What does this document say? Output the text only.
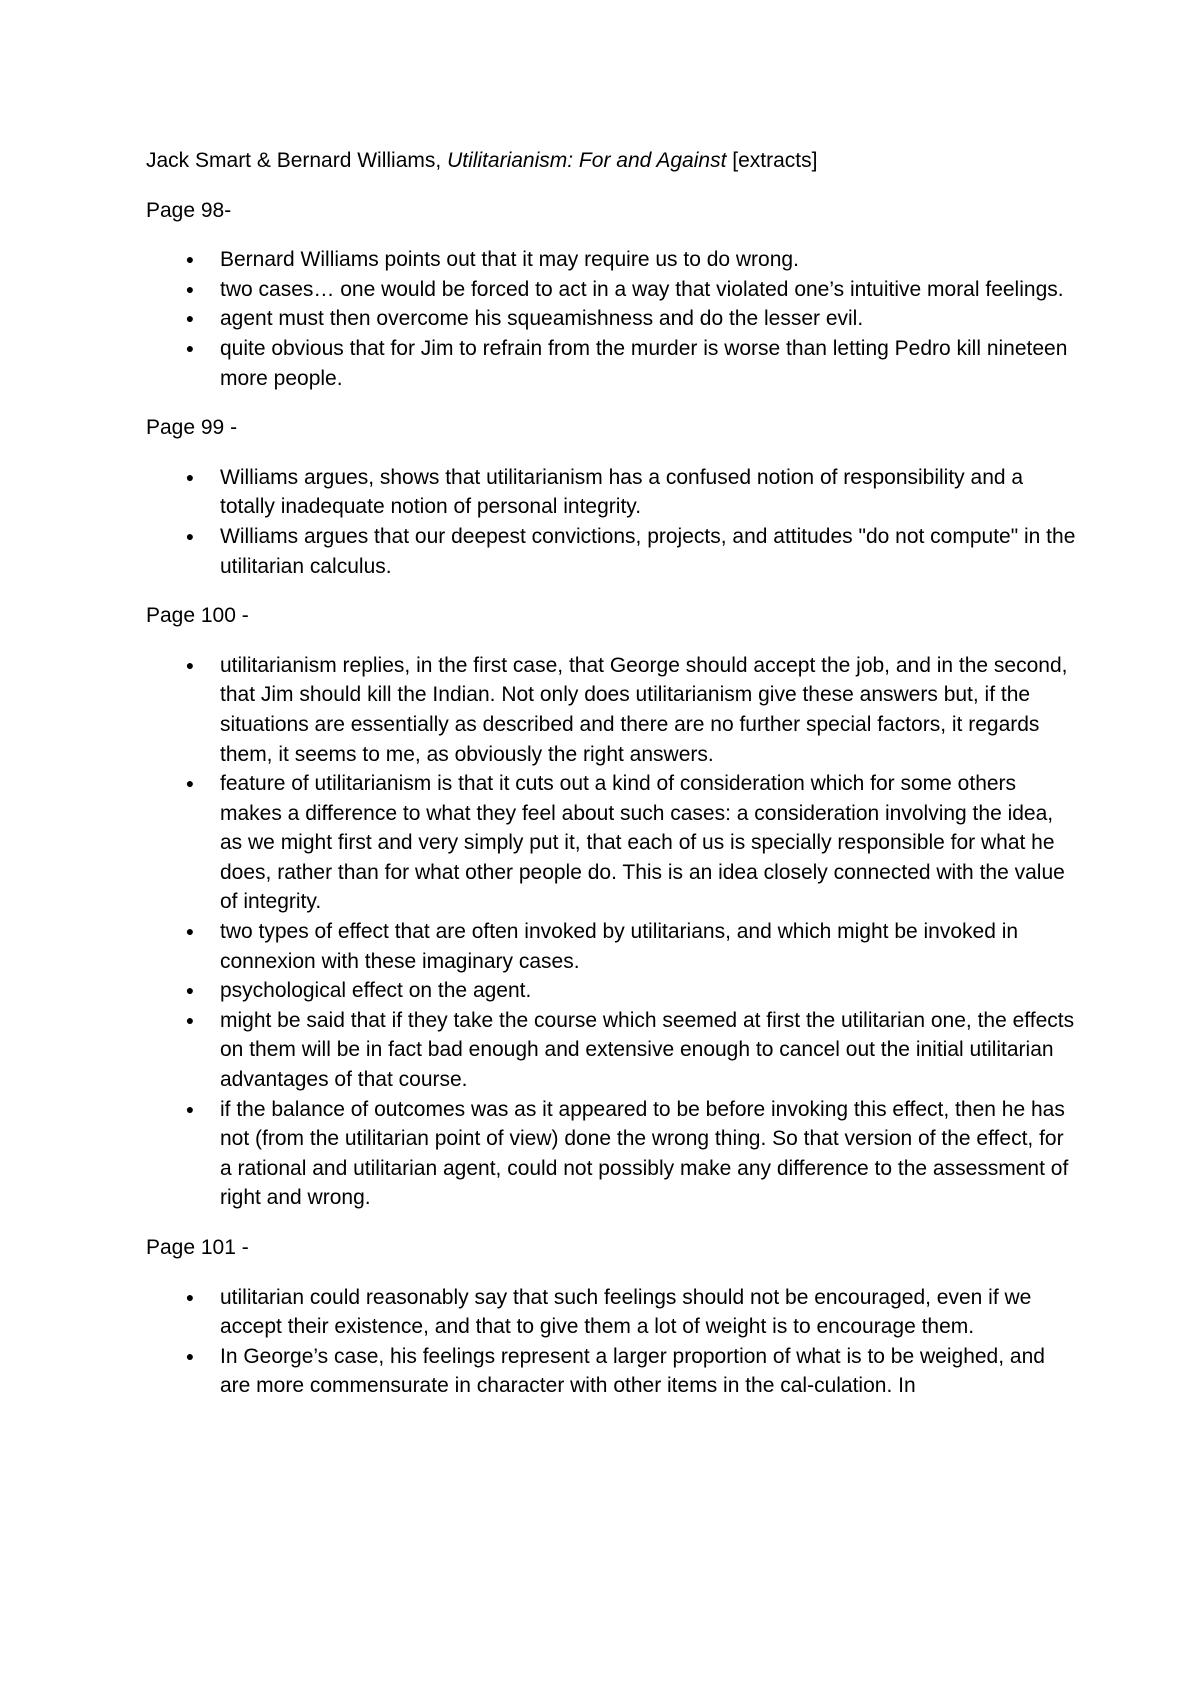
Jack Smart & Bernard Williams, Utilitarianism: For and Against [extracts]

Page 98-

●
Bernard Williams points out that it may require us to do wrong.
●
two cases… one would be forced to act in a way that violated one’s intuitive moral feelings.
●
agent must then overcome his squeamishness and do the lesser evil.
●
quite obvious that for Jim to refrain from the murder is worse than letting Pedro kill nineteen more people.

Page 99 -

●
Williams argues, shows that utilitarianism has a confused notion of responsibility and a totally inadequate notion of personal integrity.
●
Williams argues that our deepest convictions, projects, and attitudes "do not compute" in the utilitarian calculus.

Page 100 -

●
utilitarianism replies, in the first case, that George should accept the job, and in the second, that Jim should kill the Indian. Not only does utilitarianism give these answers but, if the situations are essentially as described and there are no further special factors, it regards them, it seems to me, as obviously the right answers.
●
feature of utilitarianism is that it cuts out a kind of consideration which for some others makes a difference to what they feel about such cases: a consideration involving the idea, as we might first and very simply put it, that each of us is specially responsible for what he does, rather than for what other people do. This is an idea closely connected with the value of integrity.
●
two types of effect that are often invoked by utilitarians, and which might be invoked in connexion with these imaginary cases.
●
psychological effect on the agent.
●
might be said that if they take the course which seemed at first the utilitarian one, the effects on them will be in fact bad enough and extensive enough to cancel out the initial utilitarian advantages of that course.
●
if the balance of outcomes was as it appeared to be before invoking this effect, then he has not (from the utilitarian point of view) done the wrong thing. So that version of the effect, for a rational and utilitarian agent, could not possibly make any difference to the assessment of right and wrong.

Page 101 -

●
utilitarian could reasonably say that such feelings should not be encouraged, even if we accept their existence, and that to give them a lot of weight is to encourage them.
●
In George’s case, his feelings represent a larger proportion of what is to be weighed, and are more commensurate in character with other items in the cal-culation. In
